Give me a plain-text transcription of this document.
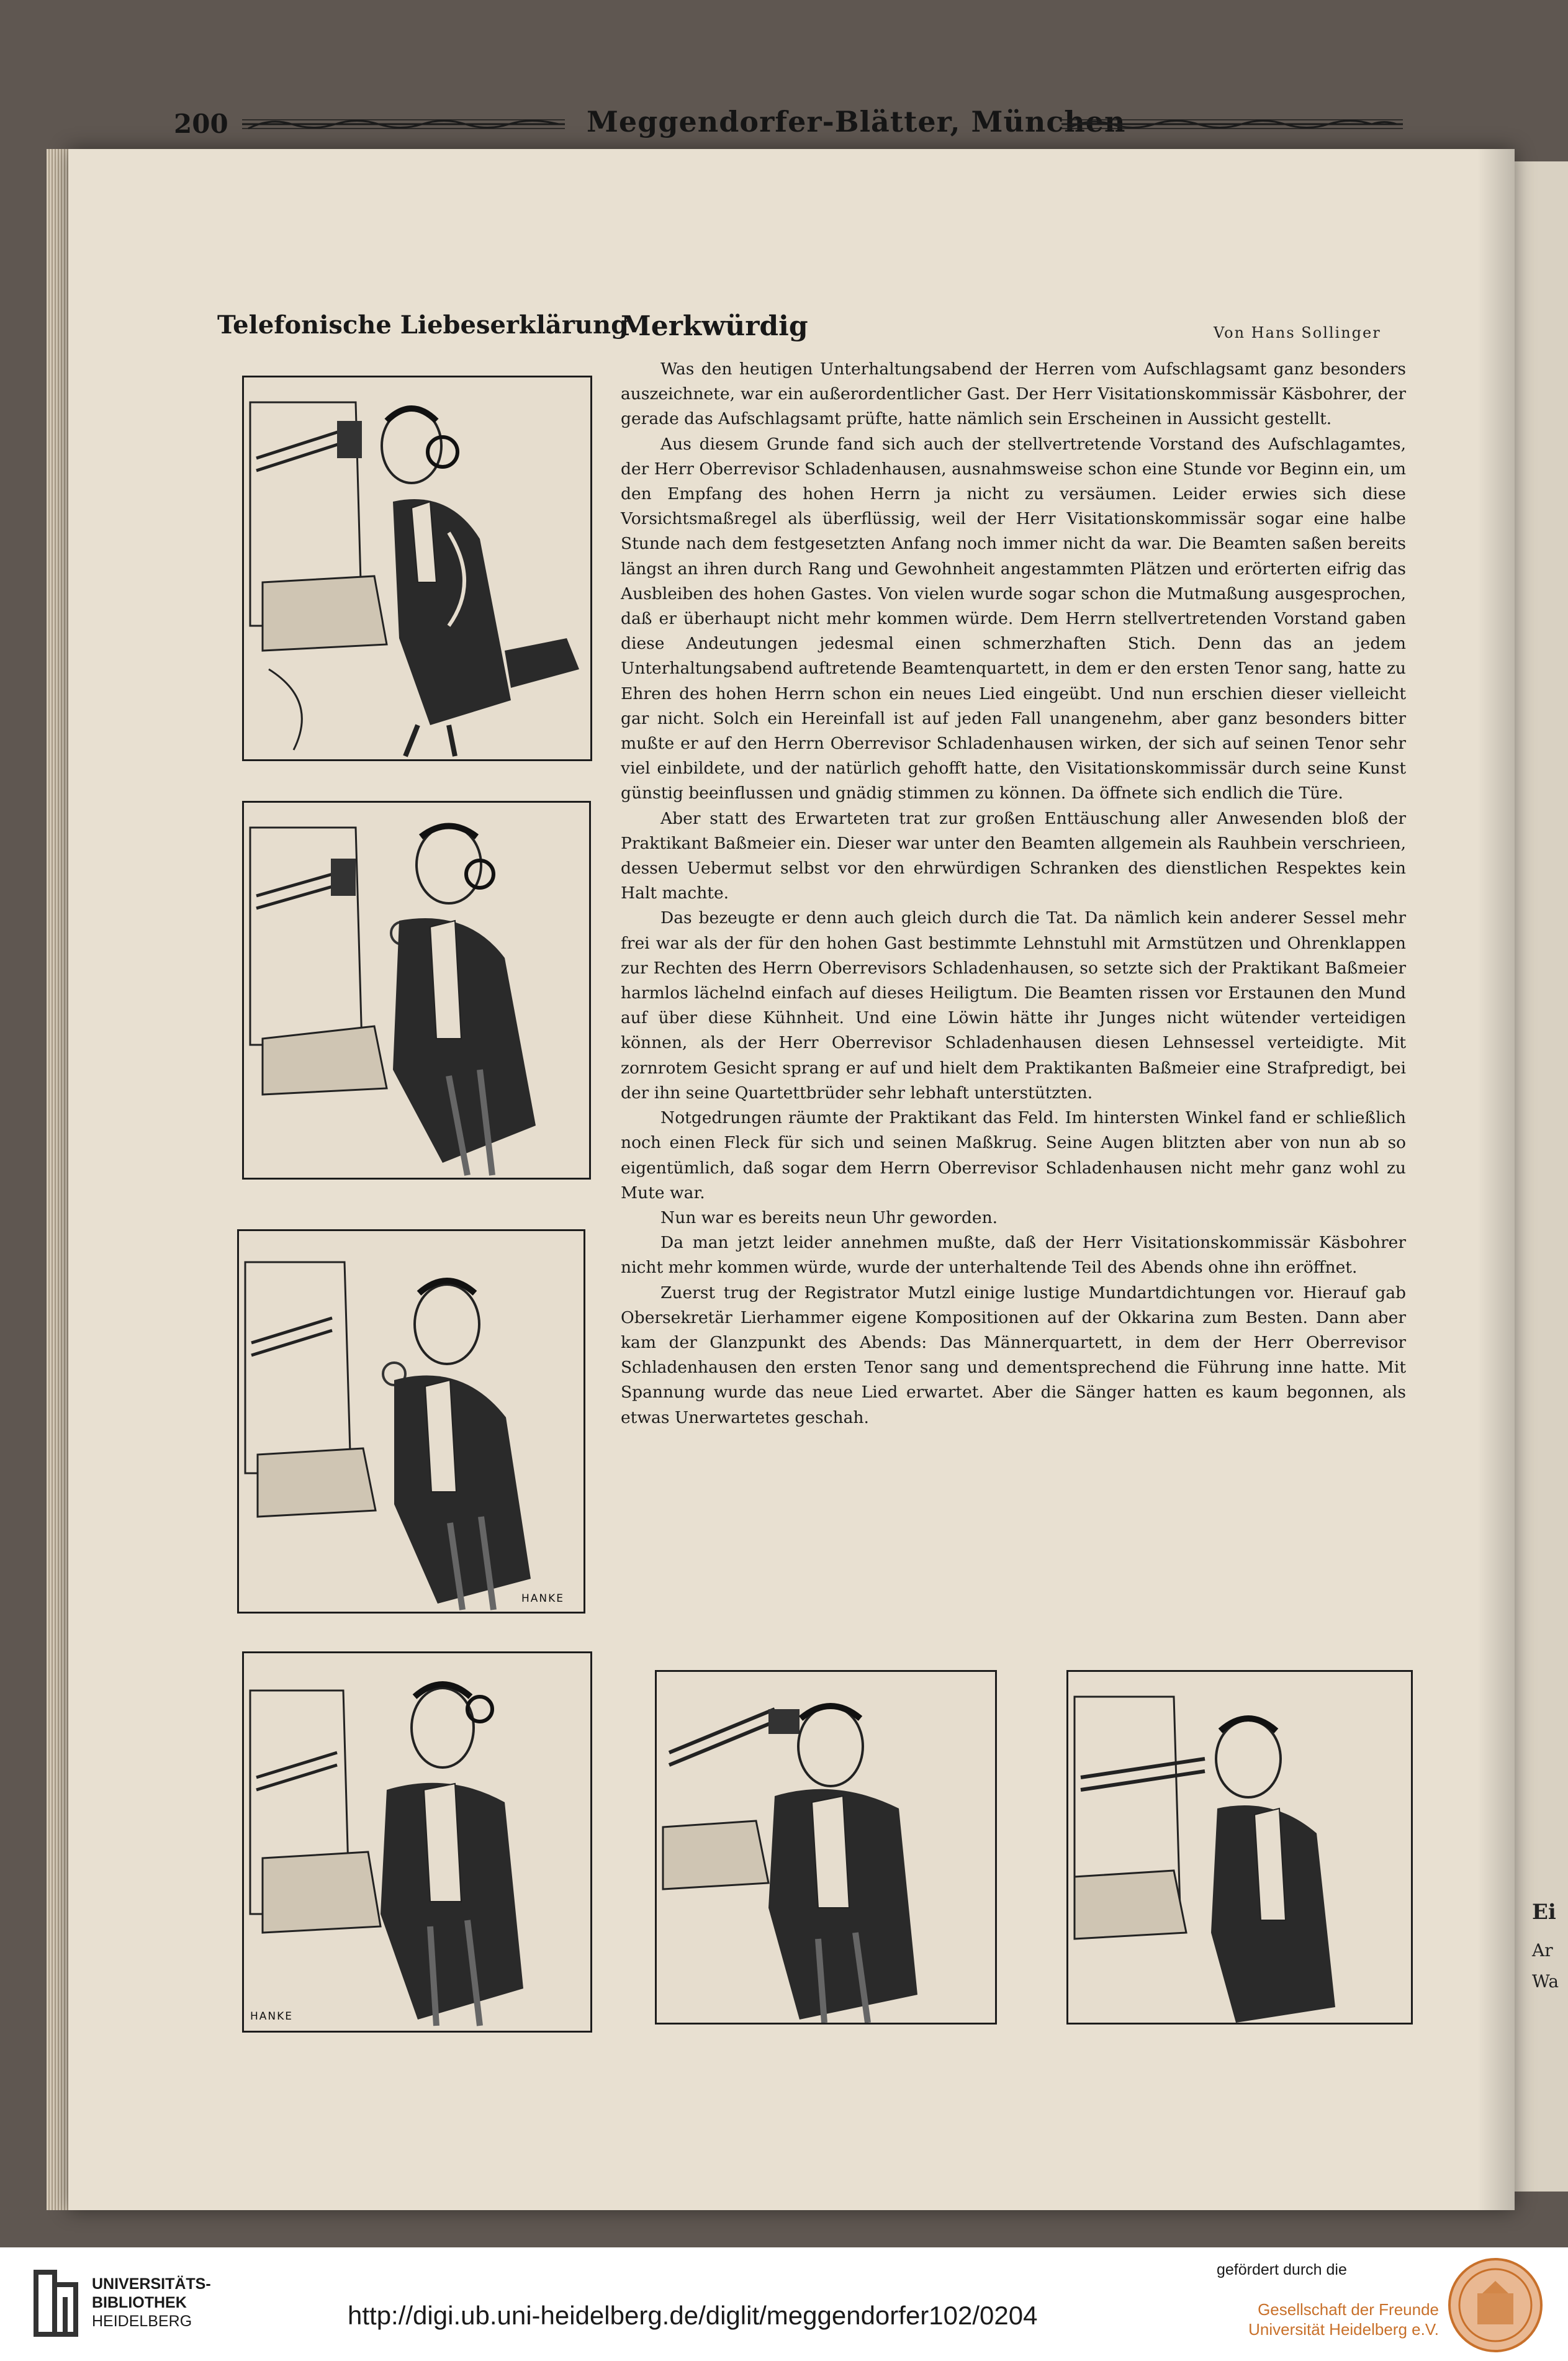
Ei
Ar
Wa
200	Meggendorfer-Blätter, München
Telefonische Liebeserklärung
Merkwürdig	Von Hans Sollinger
HANKE
HANKE

Was den heutigen Unterhaltungsabend der Herren vom Aufschlagsamt ganz besonders auszeichnete, war ein außerordentlicher Gast. Der Herr Visitationskommissär Käsbohrer, der gerade das Aufschlagsamt prüfte, hatte nämlich sein Erscheinen in Aussicht gestellt.

Aus diesem Grunde fand sich auch der stellvertretende Vorstand des Aufschlagamtes, der Herr Oberrevisor Schladenhausen, ausnahmsweise schon eine Stunde vor Beginn ein, um den Empfang des hohen Herrn ja nicht zu versäumen. Leider erwies sich diese Vorsichtsmaßregel als überflüssig, weil der Herr Visitationskommissär sogar eine halbe Stunde nach dem festgesetzten Anfang noch immer nicht da war. Die Beamten saßen bereits längst an ihren durch Rang und Gewohnheit angestammten Plätzen und erörterten eifrig das Ausbleiben des hohen Gastes. Von vielen wurde sogar schon die Mutmaßung ausgesprochen, daß er überhaupt nicht mehr kommen würde. Dem Herrn stellvertretenden Vorstand gaben diese Andeutungen jedesmal einen schmerzhaften Stich. Denn das an jedem Unterhaltungsabend auftretende Beamtenquartett, in dem er den ersten Tenor sang, hatte zu Ehren des hohen Herrn schon ein neues Lied eingeübt. Und nun erschien dieser vielleicht gar nicht. Solch ein Hereinfall ist auf jeden Fall unangenehm, aber ganz besonders bitter mußte er auf den Herrn Oberrevisor Schladenhausen wirken, der sich auf seinen Tenor sehr viel einbildete, und der natürlich gehofft hatte, den Visitationskommissär durch seine Kunst günstig beeinflussen und gnädig stimmen zu können. Da öffnete sich endlich die Türe.

Aber statt des Erwarteten trat zur großen Enttäuschung aller Anwesenden bloß der Praktikant Baßmeier ein. Dieser war unter den Beamten allgemein als Rauhbein verschrieen, dessen Uebermut selbst vor den ehrwürdigen Schranken des dienstlichen Respektes kein Halt machte.

Das bezeugte er denn auch gleich durch die Tat. Da nämlich kein anderer Sessel mehr frei war als der für den hohen Gast bestimmte Lehnstuhl mit Armstützen und Ohrenklappen zur Rechten des Herrn Oberrevisors Schladenhausen, so setzte sich der Praktikant Baßmeier harmlos lächelnd einfach auf dieses Heiligtum. Die Beamten rissen vor Erstaunen den Mund auf über diese Kühnheit. Und eine Löwin hätte ihr Junges nicht wütender verteidigen können, als der Herr Oberrevisor Schladenhausen diesen Lehnsessel verteidigte. Mit zornrotem Gesicht sprang er auf und hielt dem Praktikanten Baßmeier eine Strafpredigt, bei der ihn seine Quartettbrüder sehr lebhaft unterstützten.

Notgedrungen räumte der Praktikant das Feld. Im hintersten Winkel fand er schließlich noch einen Fleck für sich und seinen Maßkrug. Seine Augen blitzten aber von nun ab so eigentümlich, daß sogar dem Herrn Oberrevisor Schladenhausen nicht mehr ganz wohl zu Mute war.

Nun war es bereits neun Uhr geworden.

Da man jetzt leider annehmen mußte, daß der Herr Visitationskommissär Käsbohrer nicht mehr kommen würde, wurde der unterhaltende Teil des Abends ohne ihn eröffnet.

Zuerst trug der Registrator Mutzl einige lustige Mundartdichtungen vor. Hierauf gab Obersekretär Lierhammer eigene Kompositionen auf der Okkarina zum Besten. Dann aber kam der Glanzpunkt des Abends: Das Männerquartett, in dem der Herr Oberrevisor Schladenhausen den ersten Tenor sang und dementsprechend die Führung inne hatte. Mit Spannung wurde das neue Lied erwartet. Aber die Sänger hatten es kaum begonnen, als etwas Unerwartetes geschah.

UNIVERSITÄTS-
BIBLIOTHEK
HEIDELBERG	http://digi.ub.uni-heidelberg.de/diglit/meggendorfer102/0204
gefördert durch die
Gesellschaft der Freunde
Universität Heidelberg e.V.
